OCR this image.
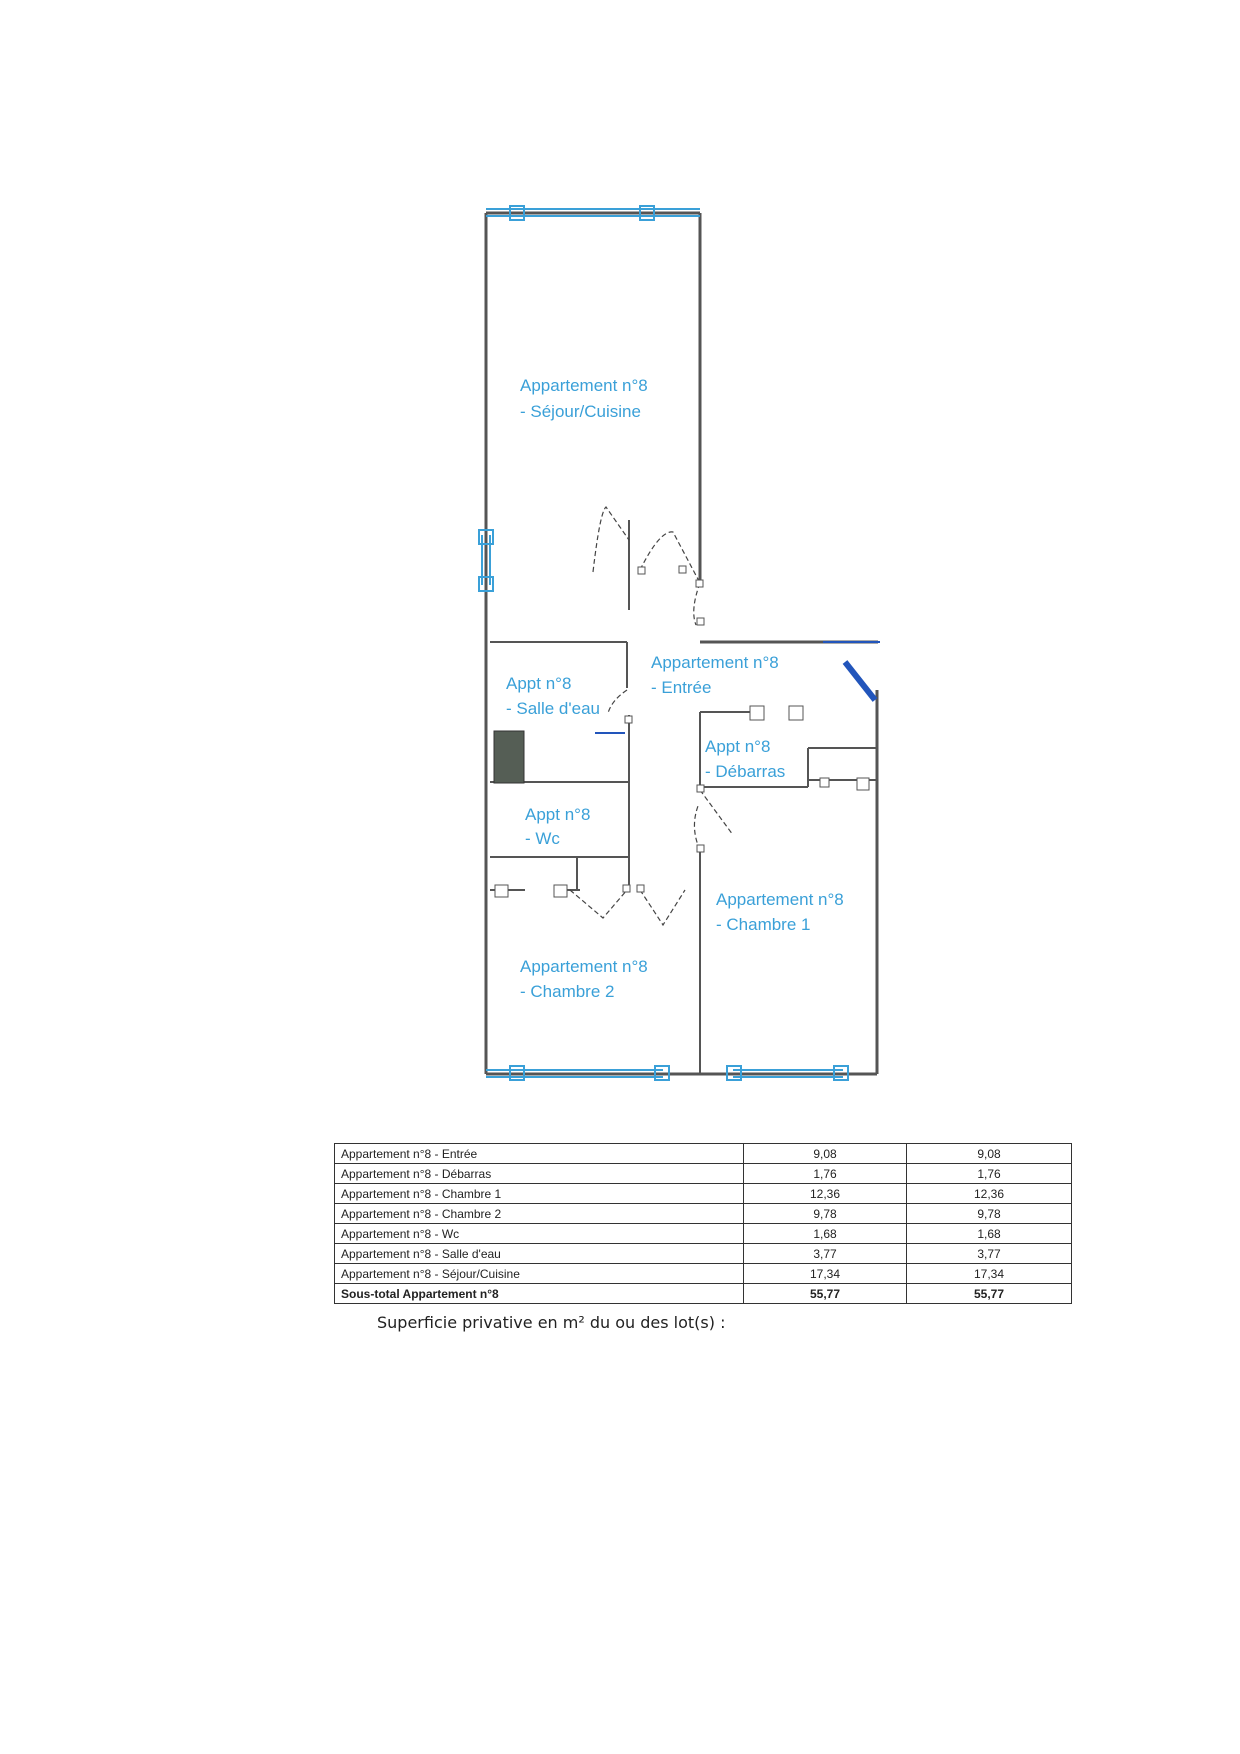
Appartement n°8
- Séjour/Cuisine
Appartement n°8
- Entrée
Appt n°8
- Salle d'eau
Appt n°8
- Débarras
Appt n°8
- Wc
Appartement n°8
- Chambre 1
Appartement n°8
- Chambre 2
Appartement n°8 - Entrée	9,08	9,08
Appartement n°8 - Débarras	1,76	1,76
Appartement n°8 - Chambre 1	12,36	12,36
Appartement n°8 - Chambre 2	9,78	9,78
Appartement n°8 - Wc	1,68	1,68
Appartement n°8 - Salle d'eau	3,77	3,77
Appartement n°8 - Séjour/Cuisine	17,34	17,34
Sous-total Appartement n°8	55,77	55,77
Superficie privative en m² du ou des lot(s) :
